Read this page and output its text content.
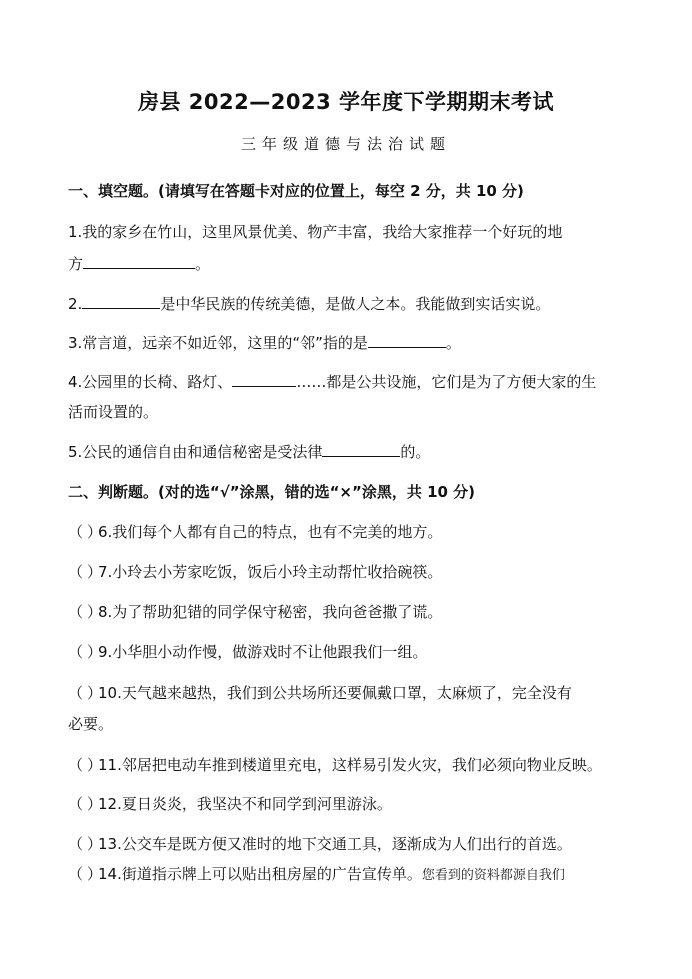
房县 2022—2023 学年度下学期期末考试
三年级道德与法治试题
一、填空题。(请填写在答题卡对应的位置上，每空 2 分，共 10 分)
1.我的家乡在竹山，这里风景优美、物产丰富，我给大家推荐一个好玩的地
方	。
2.	是中华民族的传统美德，是做人之本。我能做到实话实说。
3.常言道，远亲不如近邻，这里的“邻”指的是	。
4.公园里的长椅、路灯、	……都是公共设施，它们是为了方便大家的生
活而设置的。
5.公民的通信自由和通信秘密是受法律	的。
二、判断题。(对的选“√”涂黑，错的选“×”涂黑，共 10 分)
（ ）6.我们每个人都有自己的特点，也有不完美的地方。
（ ）7.小玲去小芳家吃饭，饭后小玲主动帮忙收拾碗筷。
（ ）8.为了帮助犯错的同学保守秘密，我向爸爸撒了谎。
（ ）9.小华胆小动作慢，做游戏时不让他跟我们一组。
（ ）10.天气越来越热，我们到公共场所还要佩戴口罩，太麻烦了，完全没有
必要。
（ ）11.邻居把电动车推到楼道里充电，这样易引发火灾，我们必须向物业反映。
（ ）12.夏日炎炎，我坚决不和同学到河里游泳。
（ ）13.公交车是既方便又准时的地下交通工具，逐渐成为人们出行的首选。
（ ）14.街道指示牌上可以贴出租房屋的广告宣传单。您看到的资料都源自我们
